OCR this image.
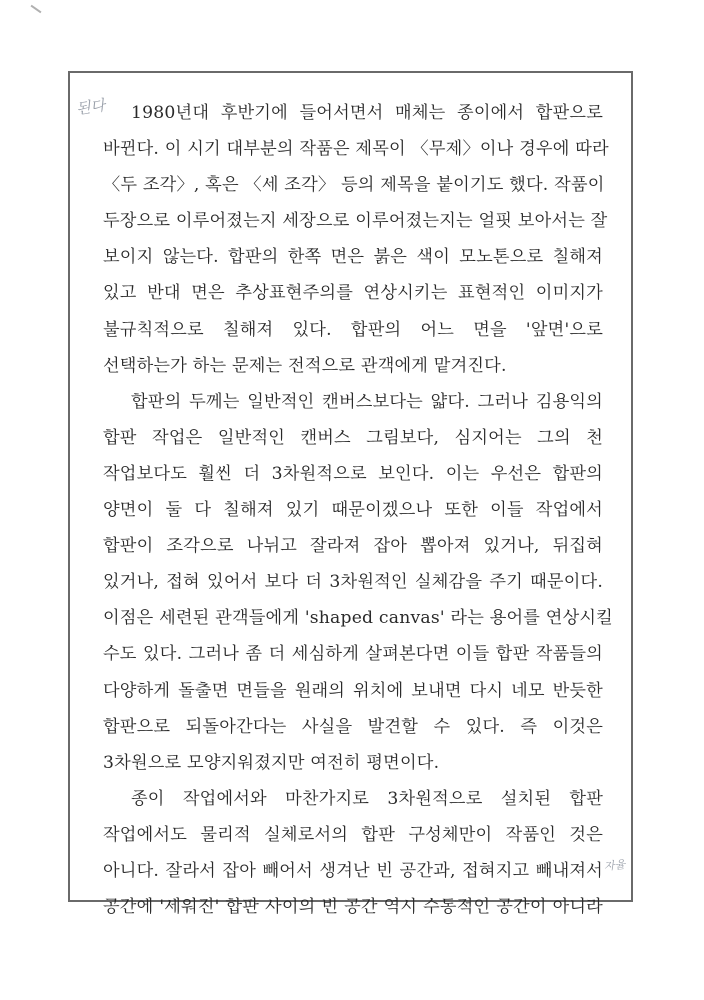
된다	1980년대 후반기에 들어서면서 매체는 종이에서 합판으로
바뀐다. 이 시기 대부분의 작품은 제목이 〈무제〉이나 경우에 따라
〈두 조각〉, 혹은 〈세 조각〉 등의 제목을 붙이기도 했다. 작품이
두장으로 이루어졌는지 세장으로 이루어졌는지는 얼핏 보아서는 잘
보이지 않는다. 합판의 한쪽 면은 붉은 색이 모노톤으로 칠해져
있고 반대 면은 추상표현주의를 연상시키는 표현적인 이미지가
불규칙적으로 칠해져 있다. 합판의 어느 면을 '앞면'으로
선택하는가 하는 문제는 전적으로 관객에게 맡겨진다.
합판의 두께는 일반적인 캔버스보다는 얇다. 그러나 김용익의
합판 작업은 일반적인 캔버스 그림보다, 심지어는 그의 천
작업보다도 훨씬 더 3차원적으로 보인다. 이는 우선은 합판의
양면이 둘 다 칠해져 있기 때문이겠으나 또한 이들 작업에서
합판이 조각으로 나뉘고 잘라져 잡아 뽑아져 있거나, 뒤집혀
있거나, 접혀 있어서 보다 더 3차원적인 실체감을 주기 때문이다.
이점은 세련된 관객들에게 'shaped canvas' 라는 용어를 연상시킬
수도 있다. 그러나 좀 더 세심하게 살펴본다면 이들 합판 작품들의
다양하게 돌출면 면들을 원래의 위치에 보내면 다시 네모 반듯한
합판으로 되돌아간다는 사실을 발견할 수 있다. 즉 이것은
3차원으로 모양지워졌지만 여전히 평면이다.
종이 작업에서와 마찬가지로 3차원적으로 설치된 합판
작업에서도 물리적 실체로서의 합판 구성체만이 작품인 것은
아니다. 잘라서 잡아 빼어서 생겨난 빈 공간과, 접혀지고 빼내져서
공간에 '세워진' 합판 사이의 빈 공간 역시 수동적인 공간이 아니라
자율
